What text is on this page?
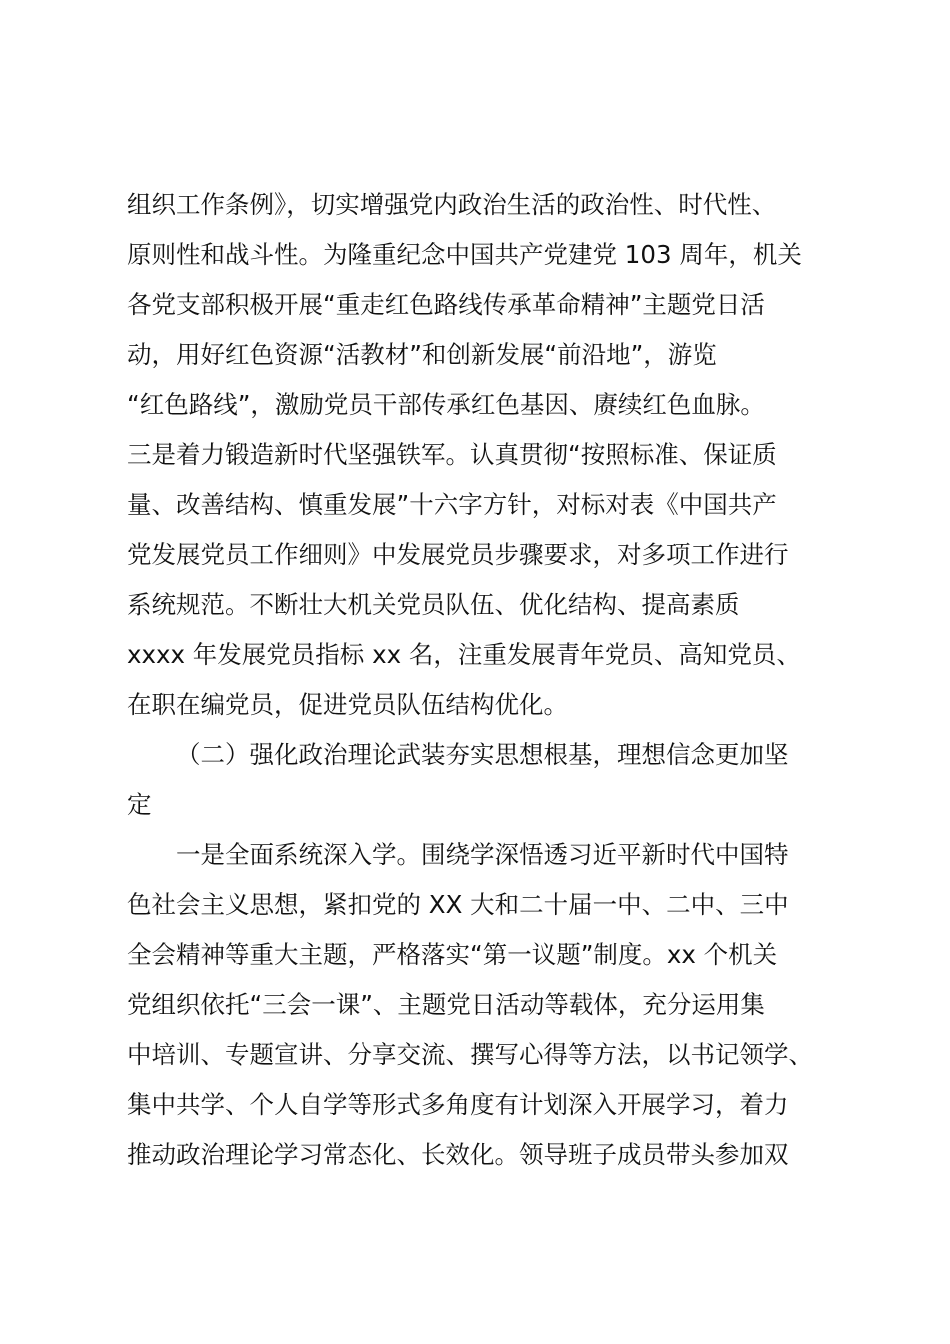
组织工作条例》，切实增强党内政治生活的政治性、时代性、
原则性和战斗性。为隆重纪念中国共产党建党 103 周年，机关
各党支部积极开展“重走红色路线传承革命精神”主题党日活
动，用好红色资源“活教材”和创新发展“前沿地”，游览
“红色路线”，激励党员干部传承红色基因、赓续红色血脉。
三是着力锻造新时代坚强铁军。认真贯彻“按照标准、保证质
量、改善结构、慎重发展”十六字方针，对标对表《中国共产
党发展党员工作细则》中发展党员步骤要求，对多项工作进行
系统规范。不断壮大机关党员队伍、优化结构、提高素质
xxxx 年发展党员指标 xx 名，注重发展青年党员、高知党员、
在职在编党员，促进党员队伍结构优化。
（二）强化政治理论武装夯实思想根基，理想信念更加坚
定
一是全面系统深入学。围绕学深悟透习近平新时代中国特
色社会主义思想，紧扣党的 XX 大和二十届一中、二中、三中
全会精神等重大主题，严格落实“第一议题”制度。xx 个机关
党组织依托“三会一课”、主题党日活动等载体，充分运用集
中培训、专题宣讲、分享交流、撰写心得等方法，以书记领学、
集中共学、个人自学等形式多角度有计划深入开展学习，着力
推动政治理论学习常态化、长效化。领导班子成员带头参加双
